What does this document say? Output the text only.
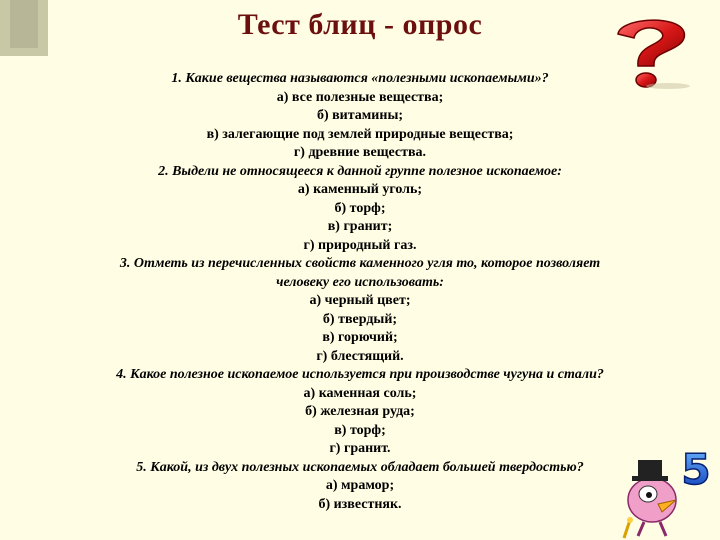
Тест блиц - опрос
5
1. Какие вещества называются «полезными ископаемыми»?
а) все полезные вещества;
б) витамины;
в) залегающие под землей природные вещества;
г) древние вещества.
2. Выдели не относящееся к данной группе полезное ископаемое:
а) каменный уголь;
б) торф;
в) гранит;
г) природный газ.
3. Отметь из перечисленных свойств каменного угля то, которое позволяет
человеку его использовать:
а) черный цвет;
б) твердый;
в) горючий;
г) блестящий.
4. Какое полезное ископаемое используется при производстве чугуна и стали?
а) каменная соль;
б) железная руда;
в) торф;
г) гранит.
5. Какой, из двух полезных ископаемых обладает большей твердостью?
а) мрамор;
б) известняк.
